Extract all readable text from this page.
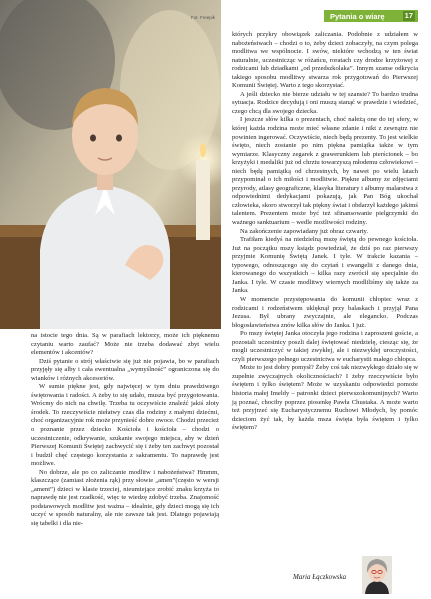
Fot. Freepik	Pytania o wiarę	17

na istocie tego dnia. Są w parafiach lektorzy, może ich pięknemu czytaniu warto zaufać? Może nie trzeba dodawać zbyt wielu elementów i akcentów?

Dziś pytanie o strój właściwie się już nie pojawia, bo w parafiach przyjęły się alby i cała ewentualna „wymyślność” ograniczona się do wianków i różnych akcesoriów.

W sumie piękne jest, gdy najwięcej w tym dniu prawdziwego świętowania i radości. A żeby to się udało, musza być przygotowania. Wrócmy do nich na chwilę. Trzeba tu oczywiście znaleźć jakiś złoty środek. To rzeczywiście niełatwy czas dla rodziny z małymi dziećmi, choć organizacyjnie rok może przynieść dobre owoce. Chodzi przecież o poznanie przez dziecko Kościoła i kościoła – chodzi o uczestniczenie, odkrywanie, szukanie swojego miejsca, aby w dzień Pierwszej Komunii Świętej zachwycić się i żeby ten zachwyt pozostał i budził chęć częstego korzystania z sakramentu. To naprawdę jest możliwe.

No dobrze, ale po co zaliczanie modlitw i nabożeństwa? Hmmm, klaszczące (zamiast złożenia rąk) przy słowie „amen”(często w wersji „ament”) dzieci w klasie trzeciej, nieumiejące zrobić znaku krzyża to naprawdę nie jest rzadkość, więc te wiedzę zdobyć trzeba. Znajomość podstawowych modlitw jest ważna – idealnie, gdy dzieci mogą się ich uczyć w sposób naturalny, ale nie zawsze tak jest. Dlatego pojawiają się tabelki i dla nie-

których przykry obowiązek zaliczania. Podobnie z udziałem w nabożeństwach – chodzi o to, żeby dzieci zobaczyły, na czym polega modlitwa we wspólnocie. I swów, niektóre wchodzą w ten świat naturalnie, uczestnicząc w różańcu, roratach czy drodze krzyżowej z rodzicami lub dziadkami „od przedszkolaka”. Innym szanse odkrycia takiego sposobu modlitwy stwarza rok przygotowań do Pierwszej Komunii Świętej. Warto z tego skorzystać.

A jeśli dziecko nie bierze udziału w tej szansie? To bardzo trudna sytuacja. Rodzice decydują i oni muszą stanąć w prawdzie i wiedzieć, czego chcą dla swojego dziecka.

I jeszcze słów kilka o prezentach, choć nałeżą one do tej sfery, w której każda rodzina może mieć własne zdanie i nikt z zewnątrz nie powinien ingerować. Oczywiście, niech będą prezenty. To jest wielkie święto, niech zostanie po nim piękna pamiątka także w tym wymiarze. Klasyczny zegarek z grawerunkiem lub pierścionek – bo krzyżyki i medaliki już od chrztu towarzyszą młodemu człowiekowi – niech będą pamiątką od chrzestnych, by nawet po wielu latach przypominał o ich miłości i modlitwie. Piękne albumy ze zdjęciami przyrody, atlasy geograficzne, klasyka literatury i albumy malarstwa z odpowiednimi dedykacjami pokazują, jak Pan Bóg ukochał człowieka, skoro stworzył tak piękny świat i obdarzył każdego jakimś talentem. Prezentem może być też sfinansowanie pielgrzymki do ważnego sanktuarium – wedle możliwości rodziny.

Na zakończenie zapowiadany już obraz czwarty.

Trafiłam kiedyś na niedzielną mszę świętą do pewnego kościoła. Już na początku mszy ksiądz powiedział, że dziś po raz pierwszy przyjmie Komunię Świętą Janek. I tyle. W trakcie kazania – typowego, odnoszącego się do czytań i ewangelii z danego dnia, kierowanego do wszystkich – kilka razy zwrócił się specjalnie do Janka. I tyle. W czasie modlitwy wiernych modliliśmy się także za Janka.

W momencie przystępowania do komunii chłopiec wraz z rodzicami i rodzeństwem uklęknął przy balaskach i przyjął Pana Jezusa. Był ubrany zwyczajnie, ale elegancko. Podczas błogosławieństwa znów kilka słów do Janka. I już.

Po mszy świętej Janka otoczyła jego rodzina i zaproszeni goście, a pozostali uczestnicy poszli dalej świętować niedzielę, ciesząc się, że mogli uczestniczyć w takiej zwykłej, ale i niezwykłej uroczystości, czyli pierwszego pełnego uczestnictwa w eucharystii małego chłopca.

Może to jest dobry pomysł? Żeby coś tak niezwykłego działo się w zupełnie zwyczajnych okolicznościach? I żeby rzeczywiście było świętem i tylko świętem? Może w uzyskaniu odpowiedzi pomoże historia małej Imeldy – patronki dzieci pierwszokomunijnych? Warto ją poznać, chociby poprzez piosenkę Pawła Chustaka. A może warto też przyjrzeć się Eucharystycznemu Ruchowi Młodych, by pomóc dzieciom żyć tak, by każda msza święta była świętem i tylko świętem?

Maria Łączkowska
